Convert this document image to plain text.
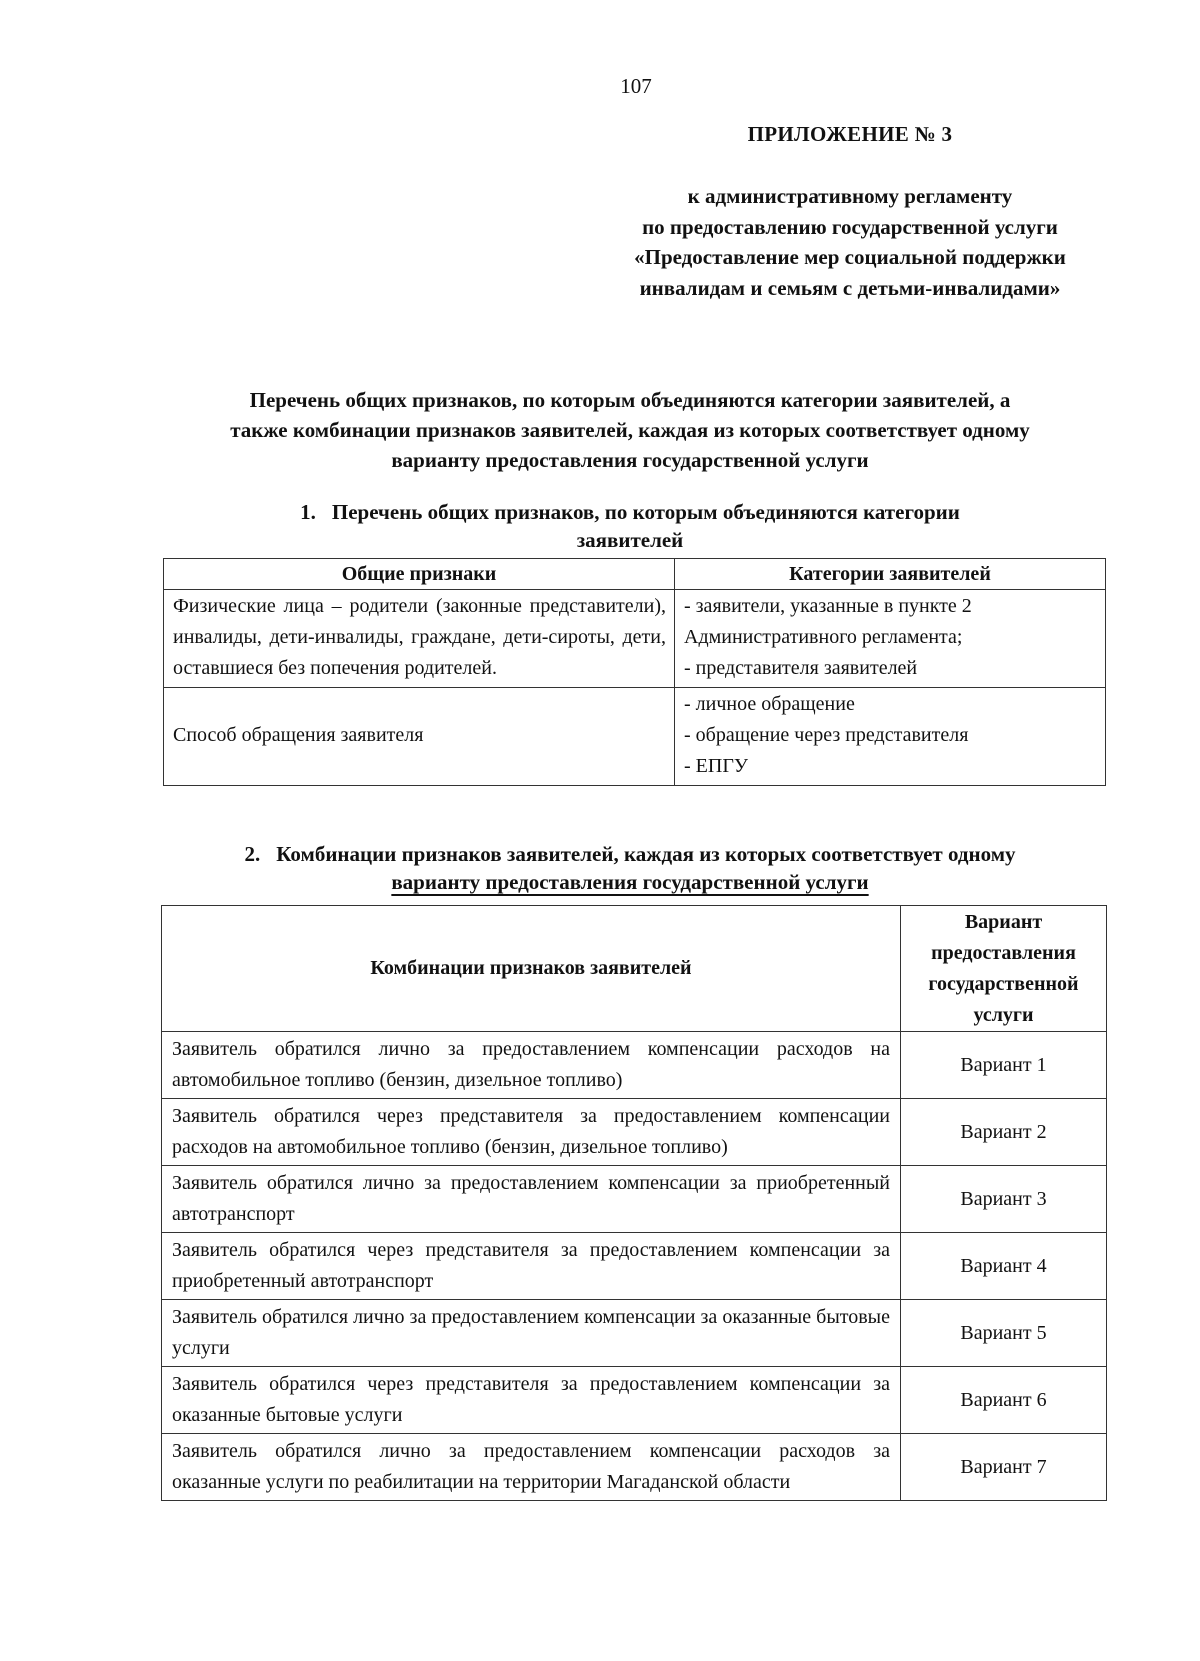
107
ПРИЛОЖЕНИЕ № 3
к административному регламенту
по предоставлению государственной услуги
«Предоставление мер социальной поддержки
инвалидам и семьям с детьми-инвалидами»
Перечень общих признаков, по которым объединяются категории заявителей, а
также комбинации признаков заявителей, каждая из которых соответствует одному
варианту предоставления государственной услуги
1. Перечень общих признаков, по которым объединяются категории
заявителей
Общие признаки	Категории заявителей
Физические лица – родители (законные представители), инвалиды, дети-инвалиды, граждане, дети-сироты, дети, оставшиеся без попечения родителей.	- заявители, указанные в пункте 2
Административного регламента;
- представителя заявителей

Способ обращения заявителя	- личное обращение
- обращение через представителя
- ЕПГУ
2. Комбинации признаков заявителей, каждая из которых соответствует одному
варианту предоставления государственной услуги
Комбинации признаков заявителей	Вариант
предоставления
государственной
услуги

Заявитель обратился лично за предоставлением компенсации расходов на автомобильное топливо (бензин, дизельное топливо)	Вариант 1
Заявитель обратился через представителя за предоставлением компенсации расходов на автомобильное топливо (бензин, дизельное топливо)	Вариант 2
Заявитель обратился лично за предоставлением компенсации за приобретенный автотранспорт	Вариант 3
Заявитель обратился через представителя за предоставлением компенсации за приобретенный автотранспорт	Вариант 4
Заявитель обратился лично за предоставлением компенсации за оказанные бытовые услуги	Вариант 5
Заявитель обратился через представителя за предоставлением компенсации за оказанные бытовые услуги	Вариант 6
Заявитель обратился лично за предоставлением компенсации расходов за оказанные услуги по реабилитации на территории Магаданской области	Вариант 7
